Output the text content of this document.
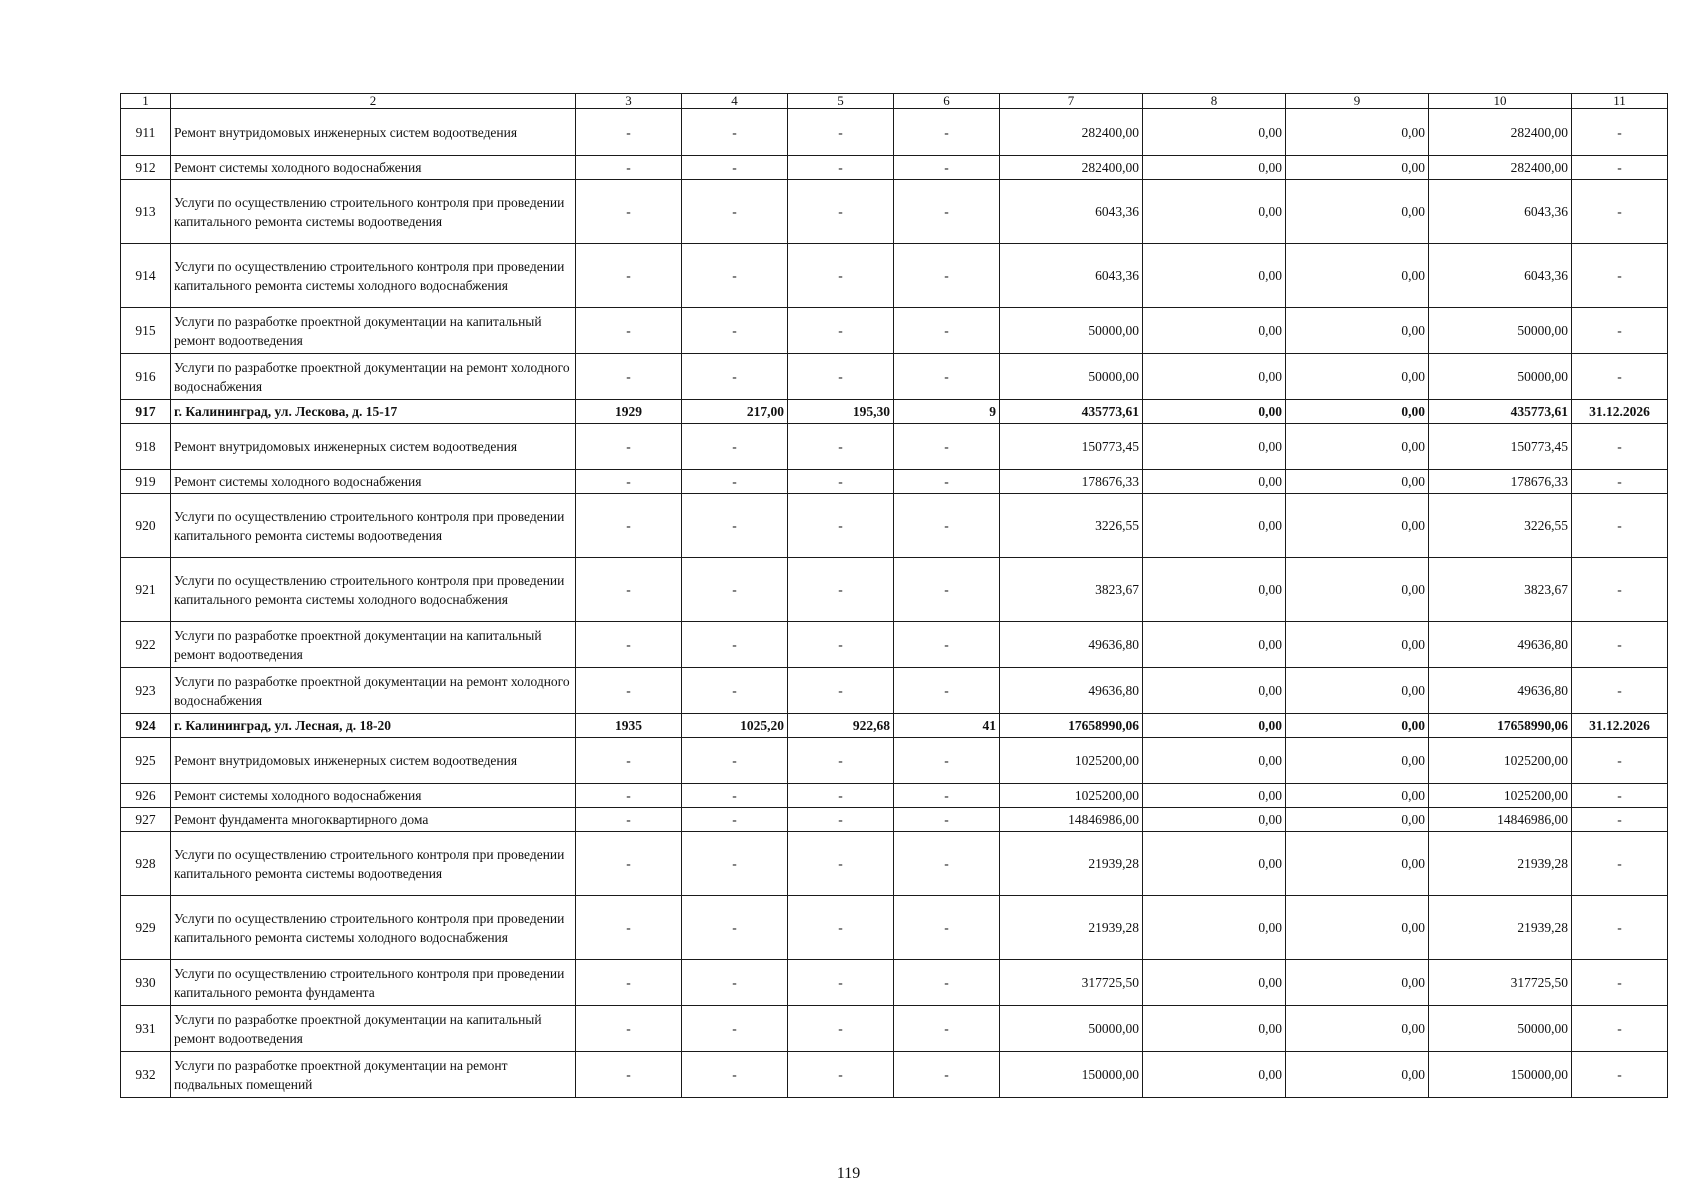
1	2	3	4	5	6	7	8	9	10	11
911	Ремонт внутридомовых инженерных систем водоотведения	-	-	-	-	282400,00	0,00	0,00	282400,00	-
912	Ремонт системы холодного водоснабжения	-	-	-	-	282400,00	0,00	0,00	282400,00	-
913	Услуги по осуществлению строительного контроля при проведении капитального ремонта системы водоотведения	-	-	-	-	6043,36	0,00	0,00	6043,36	-
914	Услуги по осуществлению строительного контроля при проведении капитального ремонта системы холодного водоснабжения	-	-	-	-	6043,36	0,00	0,00	6043,36	-
915	Услуги по разработке проектной документации на капитальный ремонт водоотведения	-	-	-	-	50000,00	0,00	0,00	50000,00	-
916	Услуги по разработке проектной документации на ремонт холодного водоснабжения	-	-	-	-	50000,00	0,00	0,00	50000,00	-
917	г. Калининград, ул. Лескова, д. 15-17	1929	217,00	195,30	9	435773,61	0,00	0,00	435773,61	31.12.2026
918	Ремонт внутридомовых инженерных систем водоотведения	-	-	-	-	150773,45	0,00	0,00	150773,45	-
919	Ремонт системы холодного водоснабжения	-	-	-	-	178676,33	0,00	0,00	178676,33	-
920	Услуги по осуществлению строительного контроля при проведении капитального ремонта системы водоотведения	-	-	-	-	3226,55	0,00	0,00	3226,55	-
921	Услуги по осуществлению строительного контроля при проведении капитального ремонта системы холодного водоснабжения	-	-	-	-	3823,67	0,00	0,00	3823,67	-
922	Услуги по разработке проектной документации на капитальный ремонт водоотведения	-	-	-	-	49636,80	0,00	0,00	49636,80	-
923	Услуги по разработке проектной документации на ремонт холодного водоснабжения	-	-	-	-	49636,80	0,00	0,00	49636,80	-
924	г. Калининград, ул. Лесная, д. 18-20	1935	1025,20	922,68	41	17658990,06	0,00	0,00	17658990,06	31.12.2026
925	Ремонт внутридомовых инженерных систем водоотведения	-	-	-	-	1025200,00	0,00	0,00	1025200,00	-
926	Ремонт системы холодного водоснабжения	-	-	-	-	1025200,00	0,00	0,00	1025200,00	-
927	Ремонт фундамента многоквартирного дома	-	-	-	-	14846986,00	0,00	0,00	14846986,00	-
928	Услуги по осуществлению строительного контроля при проведении капитального ремонта системы водоотведения	-	-	-	-	21939,28	0,00	0,00	21939,28	-
929	Услуги по осуществлению строительного контроля при проведении капитального ремонта системы холодного водоснабжения	-	-	-	-	21939,28	0,00	0,00	21939,28	-
930	Услуги по осуществлению строительного контроля при проведении капитального ремонта фундамента	-	-	-	-	317725,50	0,00	0,00	317725,50	-
931	Услуги по разработке проектной документации на капитальный ремонт водоотведения	-	-	-	-	50000,00	0,00	0,00	50000,00	-
932	Услуги по разработке проектной документации на ремонт подвальных помещений	-	-	-	-	150000,00	0,00	0,00	150000,00	-
119
